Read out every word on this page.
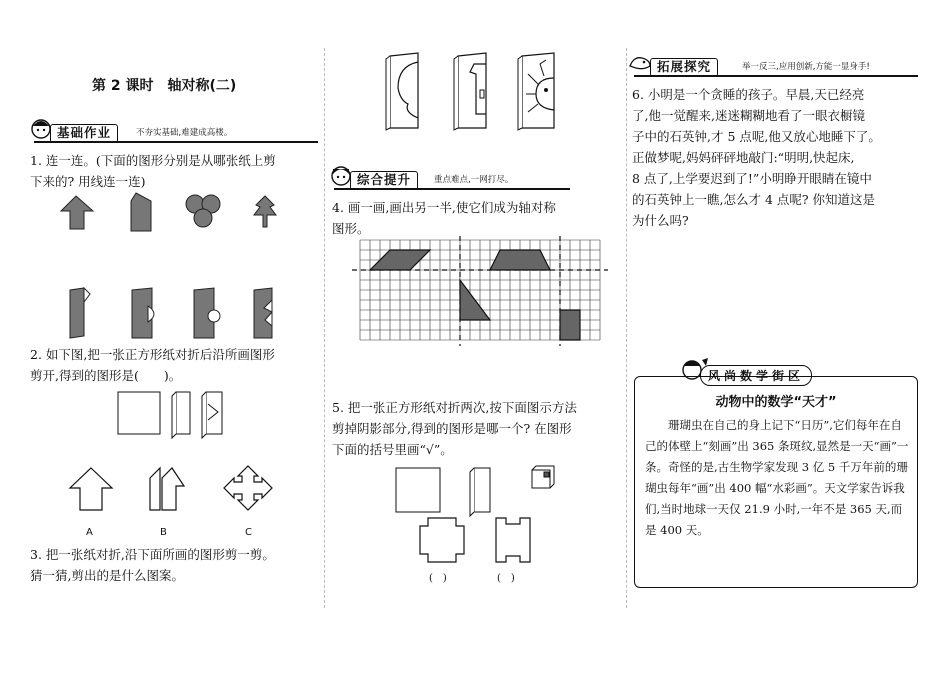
第 2 课时　轴对称(二)
基础作业	不夯实基础,难建成高楼。
1. 连一连。(下面的图形分别是从哪张纸上剪
下来的? 用线连一连)
2. 如下图,把一张正方形纸对折后沿所画图形
剪开,得到的图形是(　　)。
A	B	C
3. 把一张纸对折,沿下面所画的图形剪一剪。
猜一猜,剪出的是什么图案。
综合提升	重点难点,一网打尽。
4. 画一画,画出另一半,使它们成为轴对称
图形。
5. 把一张正方形纸对折两次,按下面图示方法
剪掉阴影部分,得到的图形是哪一个? 在图形
下面的括号里画“√”。
(　)	(　)
拓展探究	举一反三,应用创新,方能一显身手!
6. 小明是一个贪睡的孩子。早晨,天已经亮
了,他一觉醒来,迷迷糊糊地看了一眼衣橱镜
子中的石英钟,才 5 点呢,他又放心地睡下了。
正做梦呢,妈妈砰砰地敲门:“明明,快起床,
8 点了,上学要迟到了!”小明睁开眼睛在镜中
的石英钟上一瞧,怎么才 4 点呢? 你知道这是
为什么吗?
风尚数学街区
动物中的数学“天才”
珊瑚虫在自己的身上记下“日历”,它们每年在自己的体壁上“刻画”出 365 条斑纹,显然是一天“画”一条。奇怪的是,古生物学家发现 3 亿 5 千万年前的珊瑚虫每年“画”出 400 幅“水彩画”。天文学家告诉我们,当时地球一天仅 21.9 小时,一年不是 365 天,而是 400 天。
